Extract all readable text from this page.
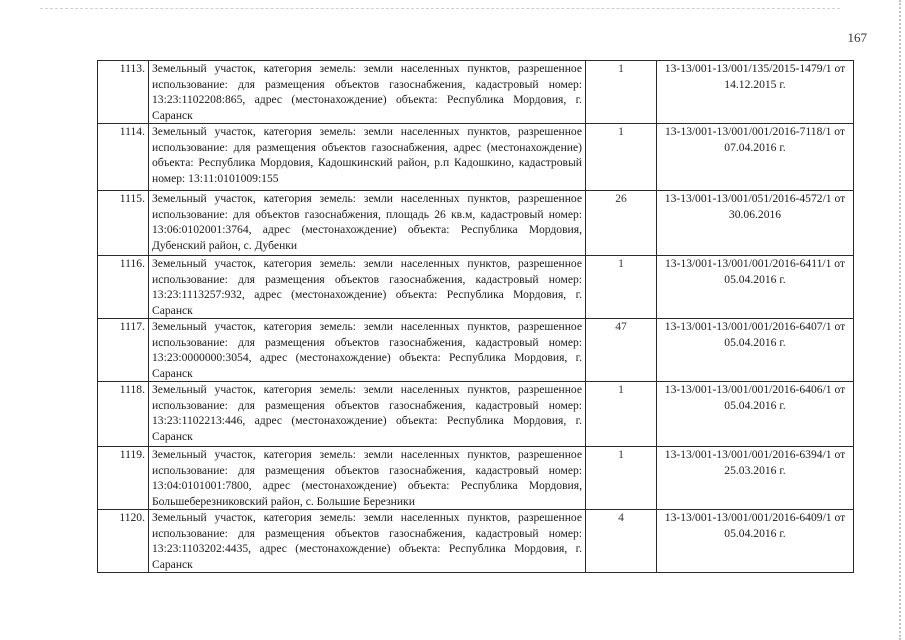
167
1113.	Земельный участок, категория земель: земли населенных пунктов, разрешенное использование: для размещения объектов газоснабжения, кадастровый номер: 13:23:1102208:865, адрес (местонахождение) объекта: Республика Мордовия, г. Саранск	1	13-13/001-13/001/135/2015-1479/1 от 14.12.2015 г.
1114.	Земельный участок, категория земель: земли населенных пунктов, разрешенное использование: для размещения объектов газоснабжения, адрес (местонахождение) объекта: Республика Мордовия, Кадошкинский район, р.п Кадошкино, кадастровый номер: 13:11:0101009:155	1	13-13/001-13/001/001/2016-7118/1 от 07.04.2016 г.
1115.	Земельный участок, категория земель: земли населенных пунктов, разрешенное использование: для объектов газоснабжения, площадь 26 кв.м, кадастровый номер: 13:06:0102001:3764, адрес (местонахождение) объекта: Республика Мордовия, Дубенский район, с. Дубенки	26	13-13/001-13/001/051/2016-4572/1 от 30.06.2016
1116.	Земельный участок, категория земель: земли населенных пунктов, разрешенное использование: для размещения объектов газоснабжения, кадастровый номер: 13:23:1113257:932, адрес (местонахождение) объекта: Республика Мордовия, г. Саранск	1	13-13/001-13/001/001/2016-6411/1 от 05.04.2016 г.
1117.	Земельный участок, категория земель: земли населенных пунктов, разрешенное использование: для размещения объектов газоснабжения, кадастровый номер: 13:23:0000000:3054, адрес (местонахождение) объекта: Республика Мордовия, г. Саранск	47	13-13/001-13/001/001/2016-6407/1 от 05.04.2016 г.
1118.	Земельный участок, категория земель: земли населенных пунктов, разрешенное использование: для размещения объектов газоснабжения, кадастровый номер: 13:23:1102213:446, адрес (местонахождение) объекта: Республика Мордовия, г. Саранск	1	13-13/001-13/001/001/2016-6406/1 от 05.04.2016 г.
1119.	Земельный участок, категория земель: земли населенных пунктов, разрешенное использование: для размещения объектов газоснабжения, кадастровый номер: 13:04:0101001:7800, адрес (местонахождение) объекта: Республика Мордовия, Большеберезниковский район, с. Большие Березники	1	13-13/001-13/001/001/2016-6394/1 от 25.03.2016 г.
1120.	Земельный участок, категория земель: земли населенных пунктов, разрешенное использование: для размещения объектов газоснабжения, кадастровый номер: 13:23:1103202:4435, адрес (местонахождение) объекта: Республика Мордовия, г. Саранск	4	13-13/001-13/001/001/2016-6409/1 от 05.04.2016 г.
